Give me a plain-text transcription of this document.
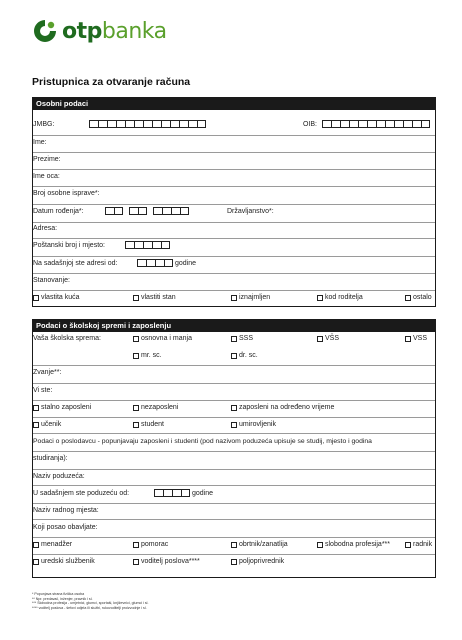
otpbanka
Pristupnica za otvaranje računa
Osobni podaci
JMBG:	OIB:
Ime:
Prezime:
Ime oca:
Broj osobne isprave*:
Datum rođenja*:	Državljanstvo*:
Adresa:
Poštanski broj i mjesto:
Na sadašnjoj ste adresi od:	godine
Stanovanje:
vlastita kuća	vlastiti stan	iznajmljen	kod roditelja	ostalo
Podaci o školskoj spremi i zaposlenju
Vaša školska sprema:	osnovna i manja	SSS	VŠS	VSS
mr. sc.	dr. sc.
Zvanje**:
Vi ste:
stalno zaposleni	nezaposleni	zaposleni na određeno vrijeme
učenik	student	umirovljenik
Podaci o poslodavcu - popunjavaju zaposleni i studenti (pod nazivom poduzeća upisuje se studij, mjesto i godina
studiranja):
Naziv poduzeća:
U sadašnjem ste poduzeću od:	godine
Naziv radnog mjesta:
Koji posao obavljate:
menadžer	pomorac	obrtnik/zanatlija	slobodna profesija***	radnik
uredski službenik	voditelj poslova****	poljoprivrednik
* Popunjava strana fizička osoba
** Npr. predavač, inženjer, pravnik i sl.
*** Slobodna profesija - umjetnici, glumci, sportaši, književnici, glumci i sl.
**** voditelj poslova - šefovi odjela ili službi, rukovoditelji proizvodnje i sl.
